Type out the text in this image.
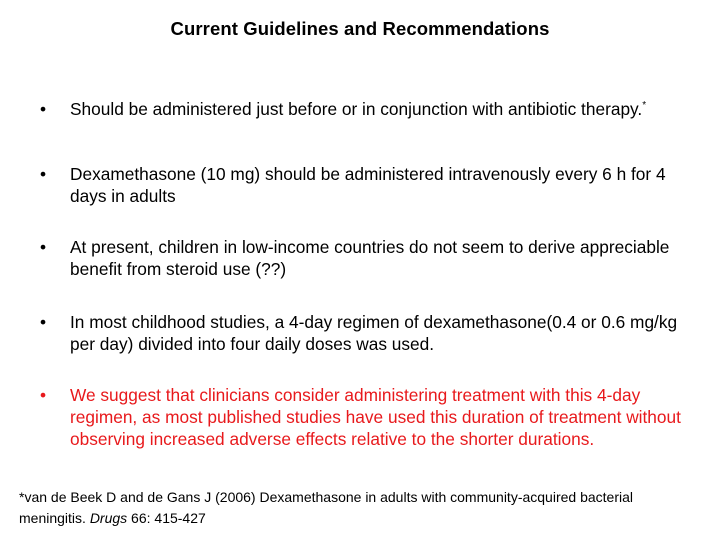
Current Guidelines and Recommendations
•	Should be administered just before or in conjunction with antibiotic therapy.*
•	Dexamethasone (10 mg) should be administered intravenously every 6 h for 4 days in adults
•	At present, children in low-income countries do not seem to derive appreciable benefit from steroid use (??)
•	In most childhood studies, a 4-day regimen of dexamethasone(0.4 or 0.6 mg/kg per day) divided into four daily doses was used.
•	We suggest that clinicians consider administering treatment with this 4-day regimen, as most published studies have used this duration of treatment without observing increased adverse effects relative to the shorter durations.
*van de Beek D and de Gans J (2006) Dexamethasone in adults with community-acquired bacterial meningitis. Drugs 66: 415-427
